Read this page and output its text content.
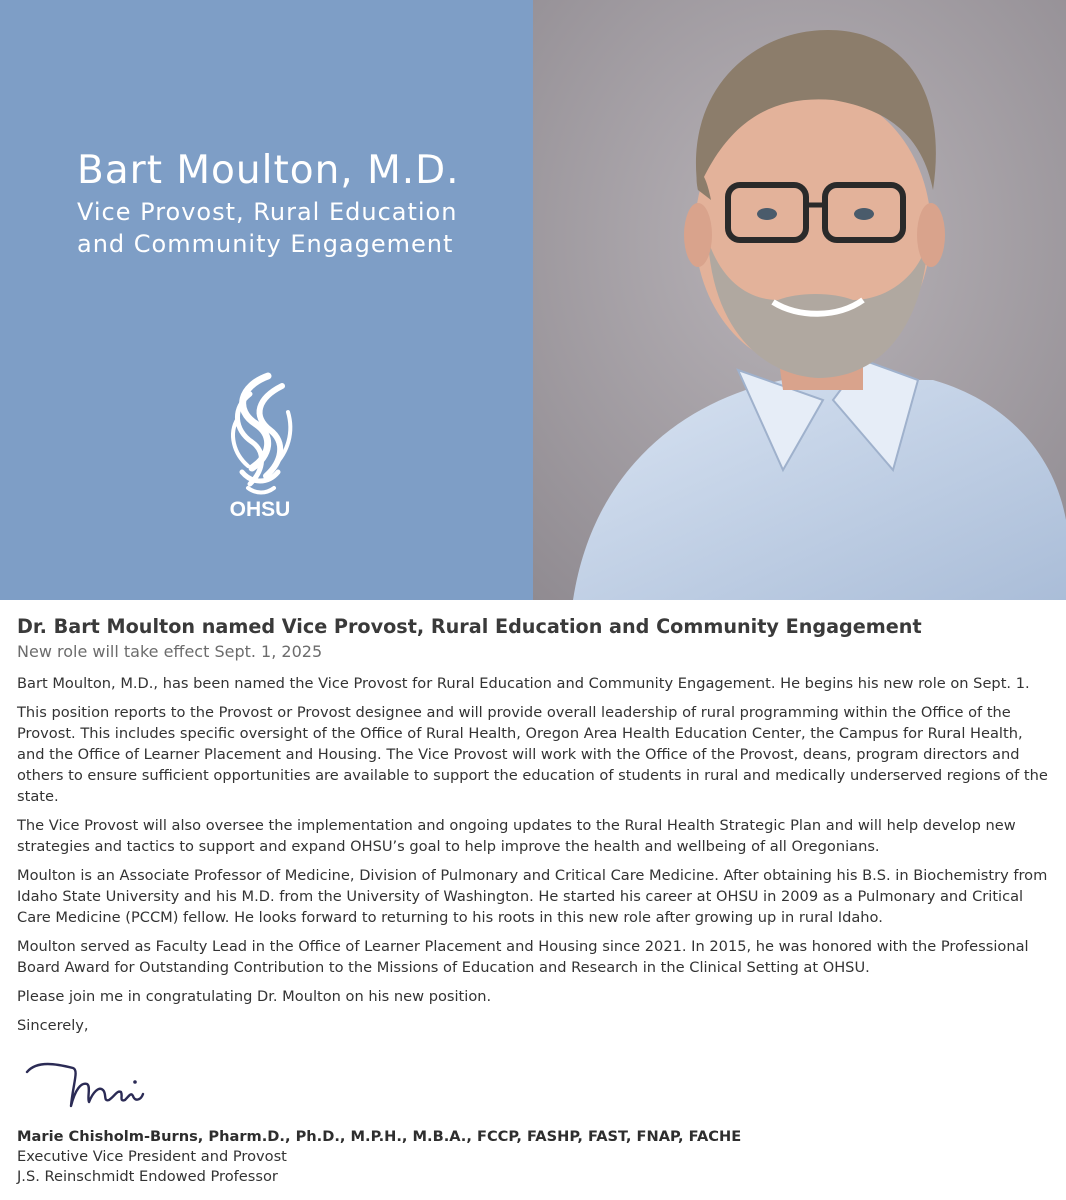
Bart Moulton, M.D.
Vice Provost, Rural Education
and Community Engagement
OHSU
Dr. Bart Moulton named Vice Provost, Rural Education and Community Engagement

New role will take effect Sept. 1, 2025

Bart Moulton, M.D., has been named the Vice Provost for Rural Education and Community Engagement. He begins his new role on Sept. 1.

This position reports to the Provost or Provost designee and will provide overall leadership of rural programming within the Office of the Provost. This includes specific oversight of the Office of Rural Health, Oregon Area Health Education Center, the Campus for Rural Health, and the Office of Learner Placement and Housing. The Vice Provost will work with the Office of the Provost, deans, program directors and others to ensure sufficient opportunities are available to support the education of students in rural and medically underserved regions of the state.

The Vice Provost will also oversee the implementation and ongoing updates to the Rural Health Strategic Plan and will help develop new strategies and tactics to support and expand OHSU’s goal to help improve the health and wellbeing of all Oregonians.

Moulton is an Associate Professor of Medicine, Division of Pulmonary and Critical Care Medicine. After obtaining his B.S. in Biochemistry from Idaho State University and his M.D. from the University of Washington. He started his career at OHSU in 2009 as a Pulmonary and Critical Care Medicine (PCCM) fellow. He looks forward to returning to his roots in this new role after growing up in rural Idaho.

Moulton served as Faculty Lead in the Office of Learner Placement and Housing since 2021. In 2015, he was honored with the Professional Board Award for Outstanding Contribution to the Missions of Education and Research in the Clinical Setting at OHSU.

Please join me in congratulating Dr. Moulton on his new position.

Sincerely,

Marie Chisholm-Burns, Pharm.D., Ph.D., M.P.H., M.B.A., FCCP, FASHP, FAST, FNAP, FACHE
Executive Vice President and Provost
J.S. Reinschmidt Endowed Professor
